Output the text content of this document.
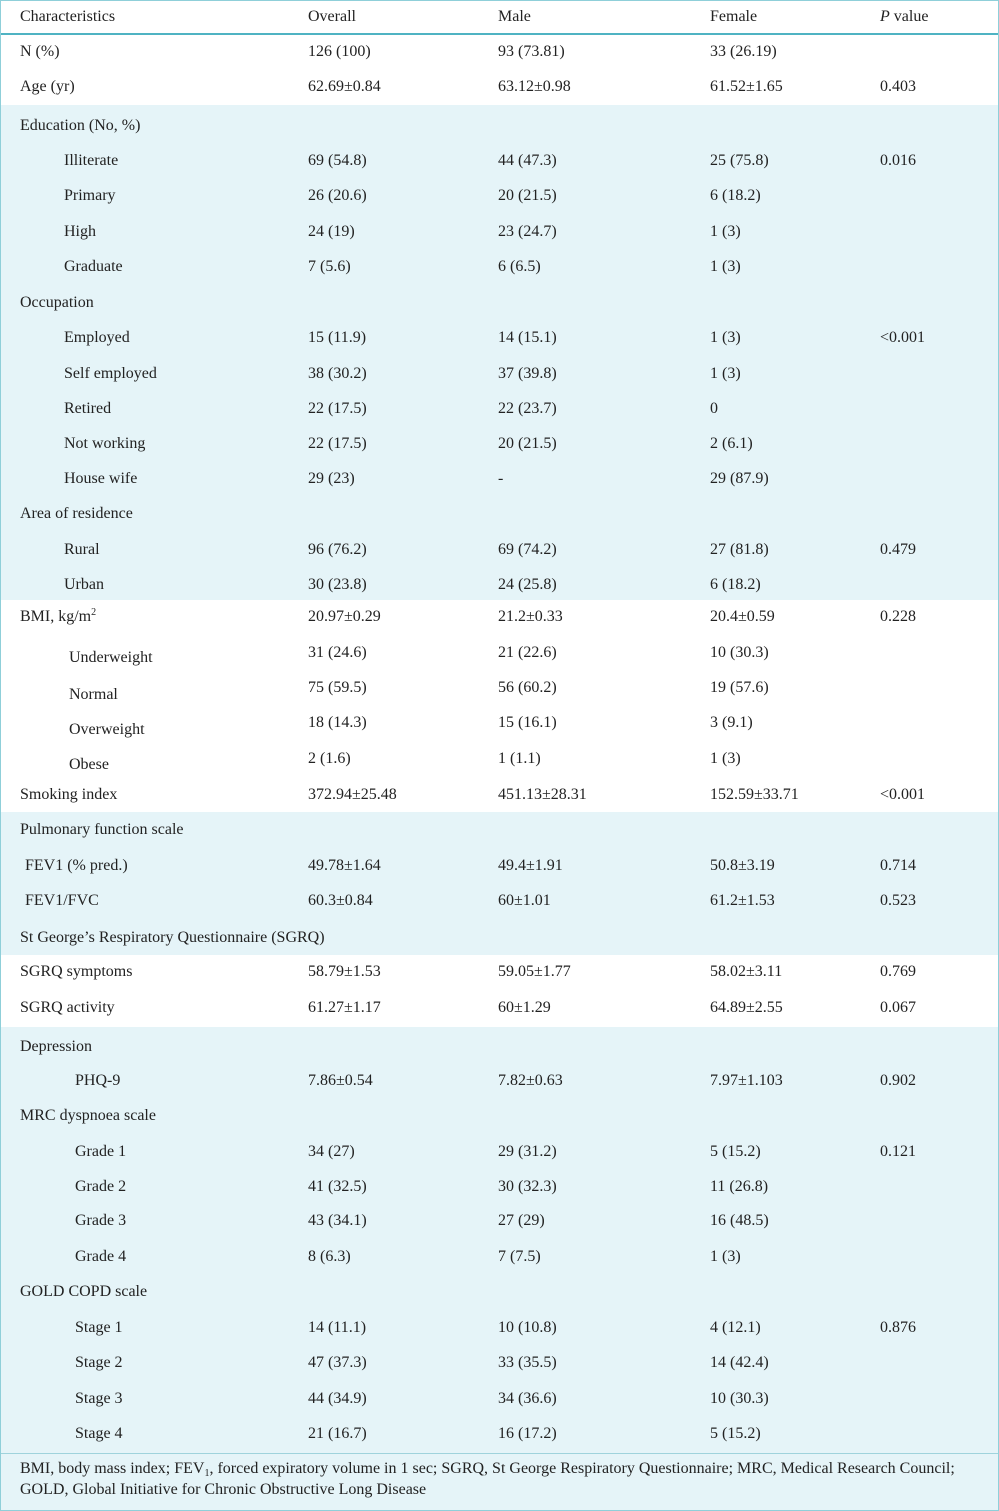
Characteristics	Overall	Male	Female	P value
N (%)	126 (100)	93 (73.81)	33 (26.19)
Age (yr)	62.69±0.84	63.12±0.98	61.52±1.65	0.403
Education (No, %)
Illiterate	69 (54.8)	44 (47.3)	25 (75.8)	0.016
Primary	26 (20.6)	20 (21.5)	6 (18.2)
High	24 (19)	23 (24.7)	1 (3)
Graduate	7 (5.6)	6 (6.5)	1 (3)
Occupation
Employed	15 (11.9)	14 (15.1)	1 (3)	<0.001
Self employed	38 (30.2)	37 (39.8)	1 (3)
Retired	22 (17.5)	22 (23.7)	0
Not working	22 (17.5)	20 (21.5)	2 (6.1)
House wife	29 (23)	-	29 (87.9)
Area of residence
Rural	96 (76.2)	69 (74.2)	27 (81.8)	0.479
Urban	30 (23.8)	24 (25.8)	6 (18.2)
BMI, $kg/m^2$	20.97±0.29	21.2±0.33	20.4±0.59	0.228
Underweight	31 (24.6)	21 (22.6)	10 (30.3)
Normal	75 (59.5)	56 (60.2)	19 (57.6)
Overweight	18 (14.3)	15 (16.1)	3 (9.1)
Obese	2 (1.6)	1 (1.1)	1 (3)
Smoking index	372.94±25.48	451.13±28.31	152.59±33.71	<0.001
Pulmonary function scale
FEV1 (% pred.)	49.78±1.64	49.4±1.91	50.8±3.19	0.714
FEV1/FVC	60.3±0.84	60±1.01	61.2±1.53	0.523
St George’s Respiratory Questionnaire (SGRQ)
SGRQ symptoms	58.79±1.53	59.05±1.77	58.02±3.11	0.769
SGRQ activity	61.27±1.17	60±1.29	64.89±2.55	0.067
Depression
PHQ-9	7.86±0.54	7.82±0.63	7.97±1.103	0.902
MRC dyspnoea scale
Grade 1	34 (27)	29 (31.2)	5 (15.2)	0.121
Grade 2	41 (32.5)	30 (32.3)	11 (26.8)
Grade 3	43 (34.1)	27 (29)	16 (48.5)
Grade 4	8 (6.3)	7 (7.5)	1 (3)
GOLD COPD scale
Stage 1	14 (11.1)	10 (10.8)	4 (12.1)	0.876
Stage 2	47 (37.3)	33 (35.5)	14 (42.4)
Stage 3	44 (34.9)	34 (36.6)	10 (30.3)
Stage 4	21 (16.7)	16 (17.2)	5 (15.2)
BMI, body mass index; $FEV_1$, forced expiratory volume in 1 sec; SGRQ, St George Respiratory Questionnaire; MRC, Medical Research Council; GOLD, Global Initiative for Chronic Obstructive Long Disease
